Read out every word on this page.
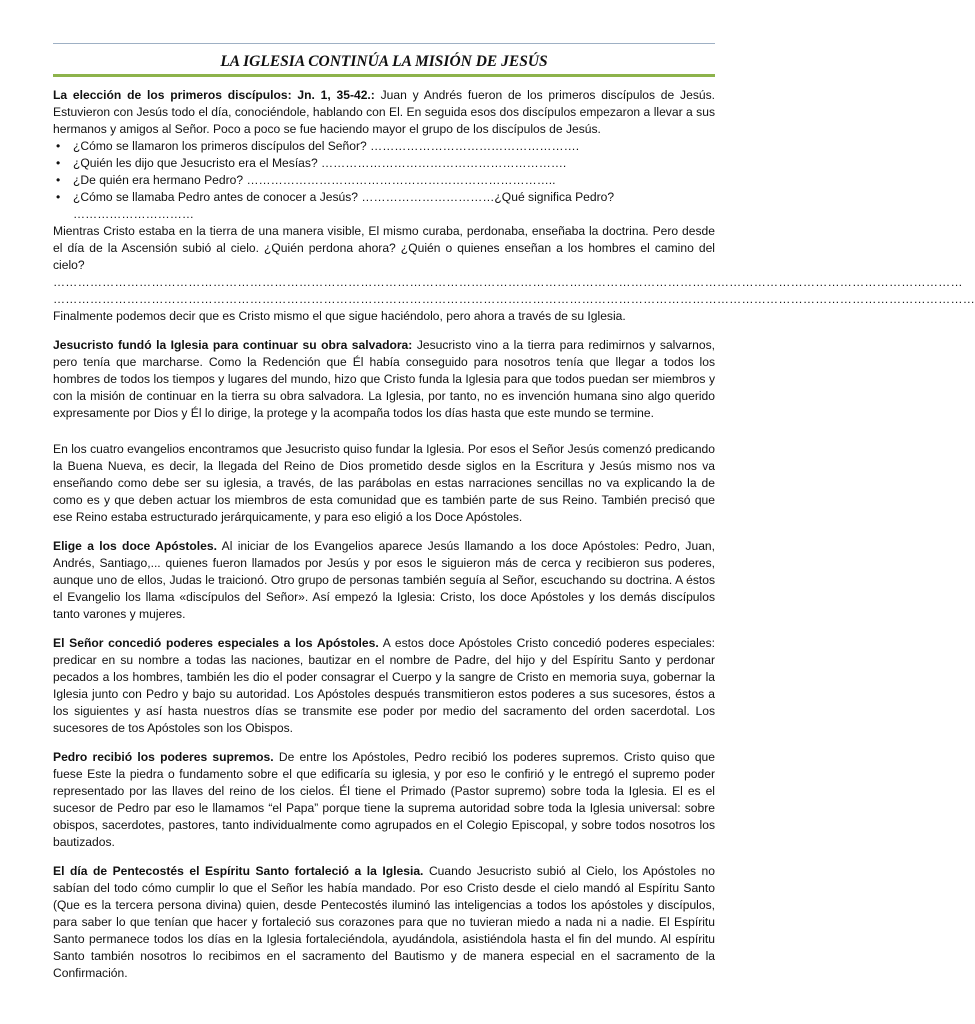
LA IGLESIA CONTINÚA LA MISIÓN DE JESÚS

La elección de los primeros discípulos: Jn. 1, 35-42.: Juan y Andrés fueron de los primeros discípulos de Jesús. Estuvieron con Jesús todo el día, conociéndole, hablando con El. En seguida esos dos discípulos empezaron a llevar a sus hermanos y amigos al Señor. Poco a poco se fue haciendo mayor el grupo de los discípulos de Jesús.

• ¿Cómo se llamaron los primeros discípulos del Señor? …………………………………………….
• ¿Quién les dijo que Jesucristo era el Mesías? …………………………………………………….
• ¿De quién era hermano Pedro? …………………………………………………………………..
• ¿Cómo se llamaba Pedro antes de conocer a Jesús? ……………………………¿Qué significa Pedro? …………………………

Mientras Cristo estaba en la tierra de una manera visible, El mismo curaba, perdonaba, enseñaba la doctrina. Pero desde el día de la Ascensión subió al cielo. ¿Quién perdona ahora? ¿Quién o quienes enseñan a los hombres el camino del cielo?

……………………………………………………………………………………………………………………………………………………………………………………………………
………………………………………………………………………………………………………………………………………………………………………………………………………

Finalmente podemos decir que es Cristo mismo el que sigue haciéndolo, pero ahora a través de su Iglesia.

Jesucristo fundó la Iglesia para continuar su obra salvadora: Jesucristo vino a la tierra para redimirnos y salvarnos, pero tenía que marcharse. Como la Redención que Él había conseguido para nosotros tenía que llegar a todos los hombres de todos los tiempos y lugares del mundo, hizo que Cristo funda la Iglesia para que todos puedan ser miembros y con la misión de continuar en la tierra su obra salvadora. La Iglesia, por tanto, no es invención humana sino algo querido expresamente por Dios y Él lo dirige, la protege y la acompaña todos los días hasta que este mundo se termine.

En los cuatro evangelios encontramos que Jesucristo quiso fundar la Iglesia. Por esos el Señor Jesús comenzó predicando la Buena Nueva, es decir, la llegada del Reino de Dios prometido desde siglos en la Escritura y Jesús mismo nos va enseñando como debe ser su iglesia, a través, de las parábolas en estas narraciones sencillas no va explicando la de como es y que deben actuar los miembros de esta comunidad que es también parte de sus Reino. También precisó que ese Reino estaba estructurado jerárquicamente, y para eso eligió a los Doce Apóstoles.

Elige a los doce Apóstoles. Al iniciar de los Evangelios aparece Jesús llamando a los doce Apóstoles: Pedro, Juan, Andrés, Santiago,... quienes fueron llamados por Jesús y por esos le siguieron más de cerca y recibieron sus poderes, aunque uno de ellos, Judas le traicionó. Otro grupo de personas también seguía al Señor, escuchando su doctrina. A éstos el Evangelio los llama «discípulos del Señor». Así empezó la Iglesia: Cristo, los doce Apóstoles y los demás discípulos tanto varones y mujeres.

El Señor concedió poderes especiales a los Apóstoles. A estos doce Apóstoles Cristo concedió poderes especiales: predicar en su nombre a todas las naciones, bautizar en el nombre de Padre, del hijo y del Espíritu Santo y perdonar pecados a los hombres, también les dio el poder consagrar el Cuerpo y la sangre de Cristo en memoria suya, gobernar la Iglesia junto con Pedro y bajo su autoridad. Los Apóstoles después transmitieron estos poderes a sus sucesores, éstos a los siguientes y así hasta nuestros días se transmite ese poder por medio del sacramento del orden sacerdotal. Los sucesores de tos Apóstoles son los Obispos.

Pedro recibió los poderes supremos. De entre los Apóstoles, Pedro recibió los poderes supremos. Cristo quiso que fuese Este la piedra o fundamento sobre el que edificaría su iglesia, y por eso le confirió y le entregó el supremo poder representado por las llaves del reino de los cielos. Él tiene el Primado (Pastor supremo) sobre toda la Iglesia. El es el sucesor de Pedro par eso le llamamos “el Papa” porque tiene la suprema autoridad sobre toda la Iglesia universal: sobre obispos, sacerdotes, pastores, tanto individualmente como agrupados en el Colegio Episcopal, y sobre todos nosotros los bautizados.

El día de Pentecostés el Espíritu Santo fortaleció a la Iglesia. Cuando Jesucristo subió al Cielo, los Apóstoles no sabían del todo cómo cumplir lo que el Señor les había mandado. Por eso Cristo desde el cielo mandó al Espíritu Santo (Que es la tercera persona divina) quien, desde Pentecostés iluminó las inteligencias a todos los apóstoles y discípulos, para saber lo que tenían que hacer y fortaleció sus corazones para que no tuvieran miedo a nada ni a nadie. El Espíritu Santo permanece todos los días en la Iglesia fortaleciéndola, ayudándola, asistiéndola hasta el fin del mundo. Al espíritu Santo también nosotros lo recibimos en el sacramento del Bautismo y de manera especial en el sacramento de la Confirmación.
